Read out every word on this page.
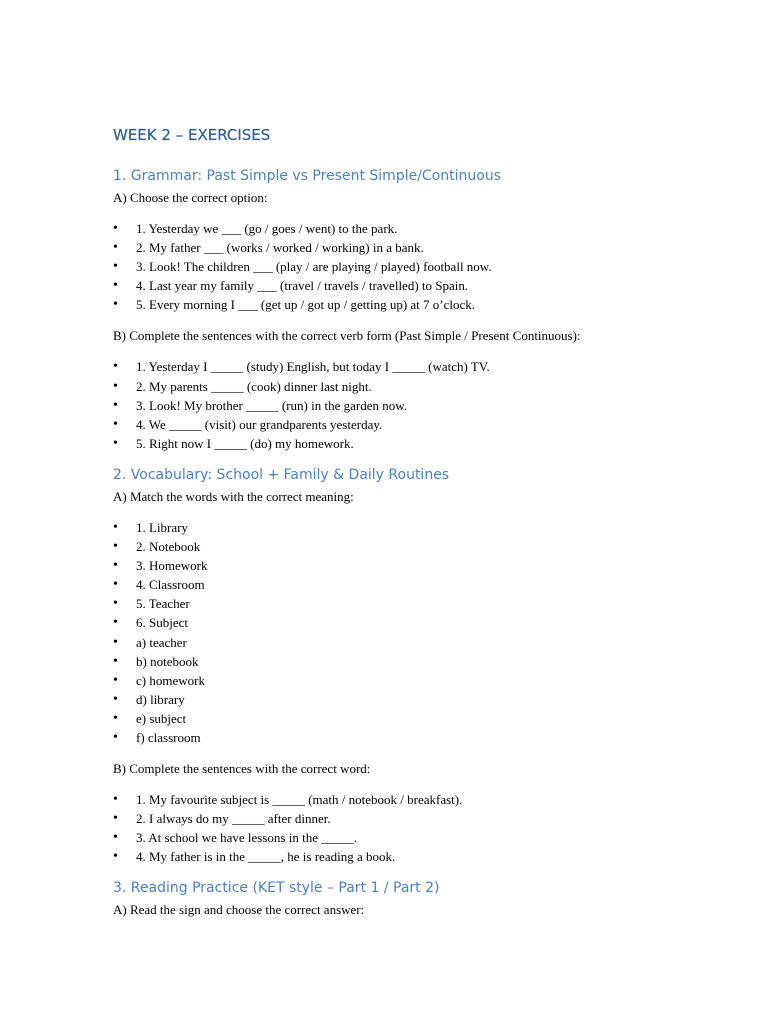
WEEK 2 – EXERCISES
1. Grammar: Past Simple vs Present Simple/Continuous

A) Choose the correct option:

• 1. Yesterday we ___ (go / goes / went) to the park.
• 2. My father ___ (works / worked / working) in a bank.
• 3. Look! The children ___ (play / are playing / played) football now.
• 4. Last year my family ___ (travel / travels / travelled) to Spain.
• 5. Every morning I ___ (get up / got up / getting up) at 7 o’clock.

B) Complete the sentences with the correct verb form (Past Simple / Present Continuous):

• 1. Yesterday I _____ (study) English, but today I _____ (watch) TV.
• 2. My parents _____ (cook) dinner last night.
• 3. Look! My brother _____ (run) in the garden now.
• 4. We _____ (visit) our grandparents yesterday.
• 5. Right now I _____ (do) my homework.
2. Vocabulary: School + Family & Daily Routines

A) Match the words with the correct meaning:

• 1. Library
• 2. Notebook
• 3. Homework
• 4. Classroom
• 5. Teacher
• 6. Subject
• a) teacher
• b) notebook
• c) homework
• d) library
• e) subject
• f) classroom

B) Complete the sentences with the correct word:

• 1. My favourite subject is _____ (math / notebook / breakfast).
• 2. I always do my _____ after dinner.
• 3. At school we have lessons in the _____.
• 4. My father is in the _____, he is reading a book.
3. Reading Practice (KET style – Part 1 / Part 2)

A) Read the sign and choose the correct answer:
